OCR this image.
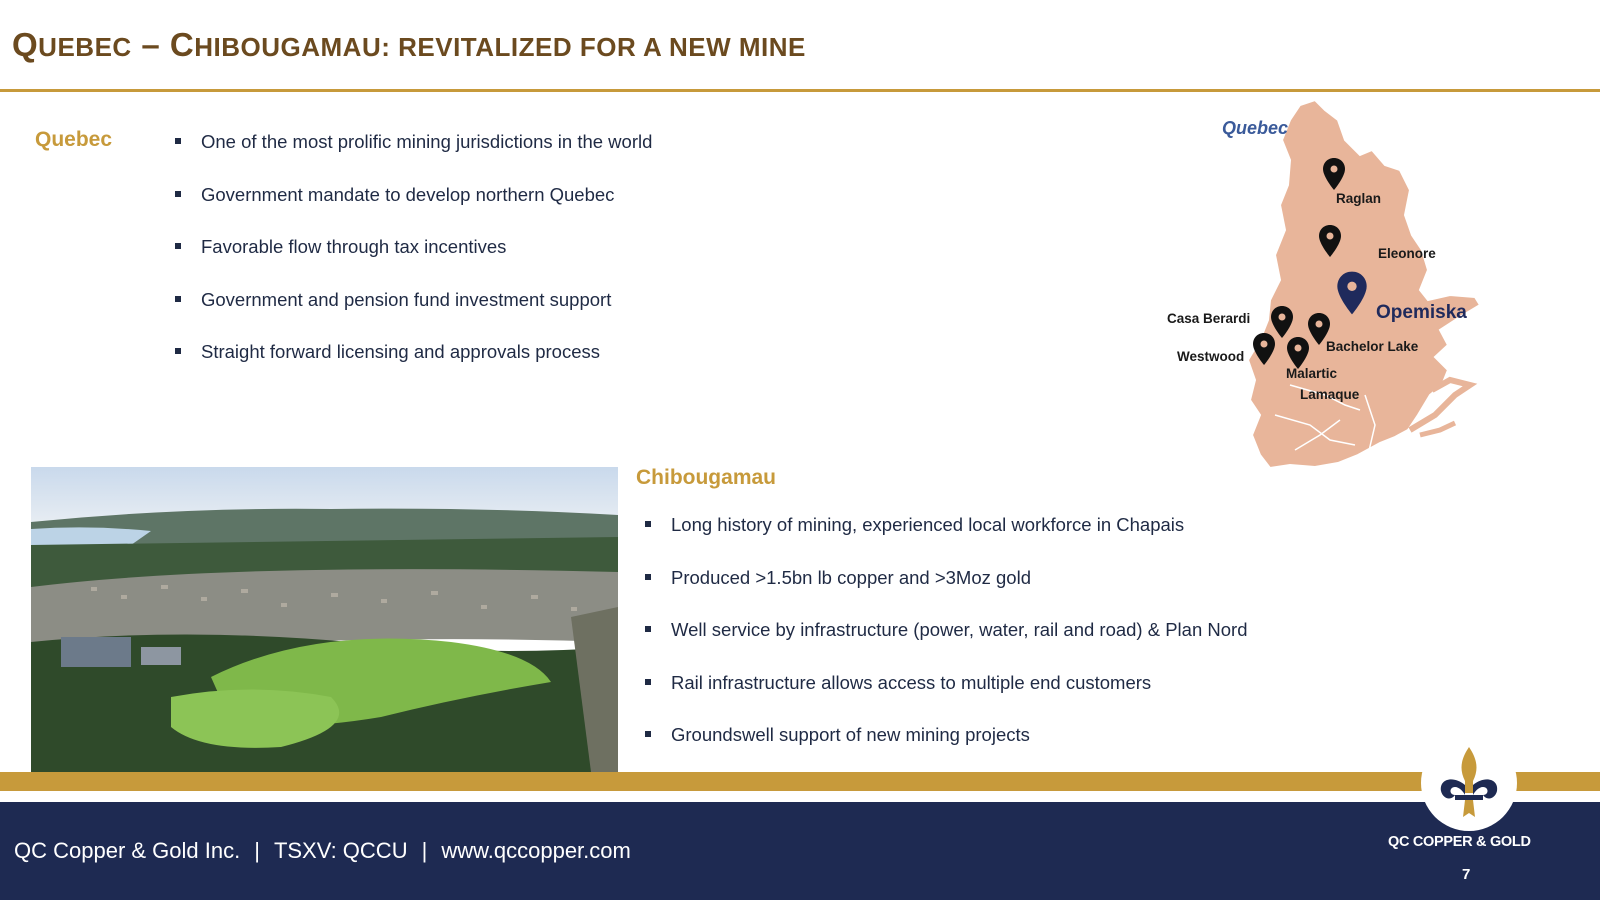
QUEBEC – CHIBOUGAMAU: REVITALIZED FOR A NEW MINE
Quebec	One of the most prolific mining jurisdictions in the world
Government mandate to develop northern Quebec
Favorable flow through tax incentives
Government and pension fund investment support
Straight forward licensing and approvals process
Quebec
Raglan
Eleonore
Opemiska
Casa Berardi
Bachelor Lake
Westwood
Malartic
Lamaque
Chibougamau
Long history of mining, experienced local workforce in Chapais
Produced >1.5bn lb copper and >3Moz gold
Well service by infrastructure (power, water, rail and road) & Plan Nord
Rail infrastructure allows access to multiple end customers
Groundswell support of new mining projects
QC Copper & Gold Inc. | TSXV: QCCU | www.qccopper.com	QC COPPER & GOLD
7
